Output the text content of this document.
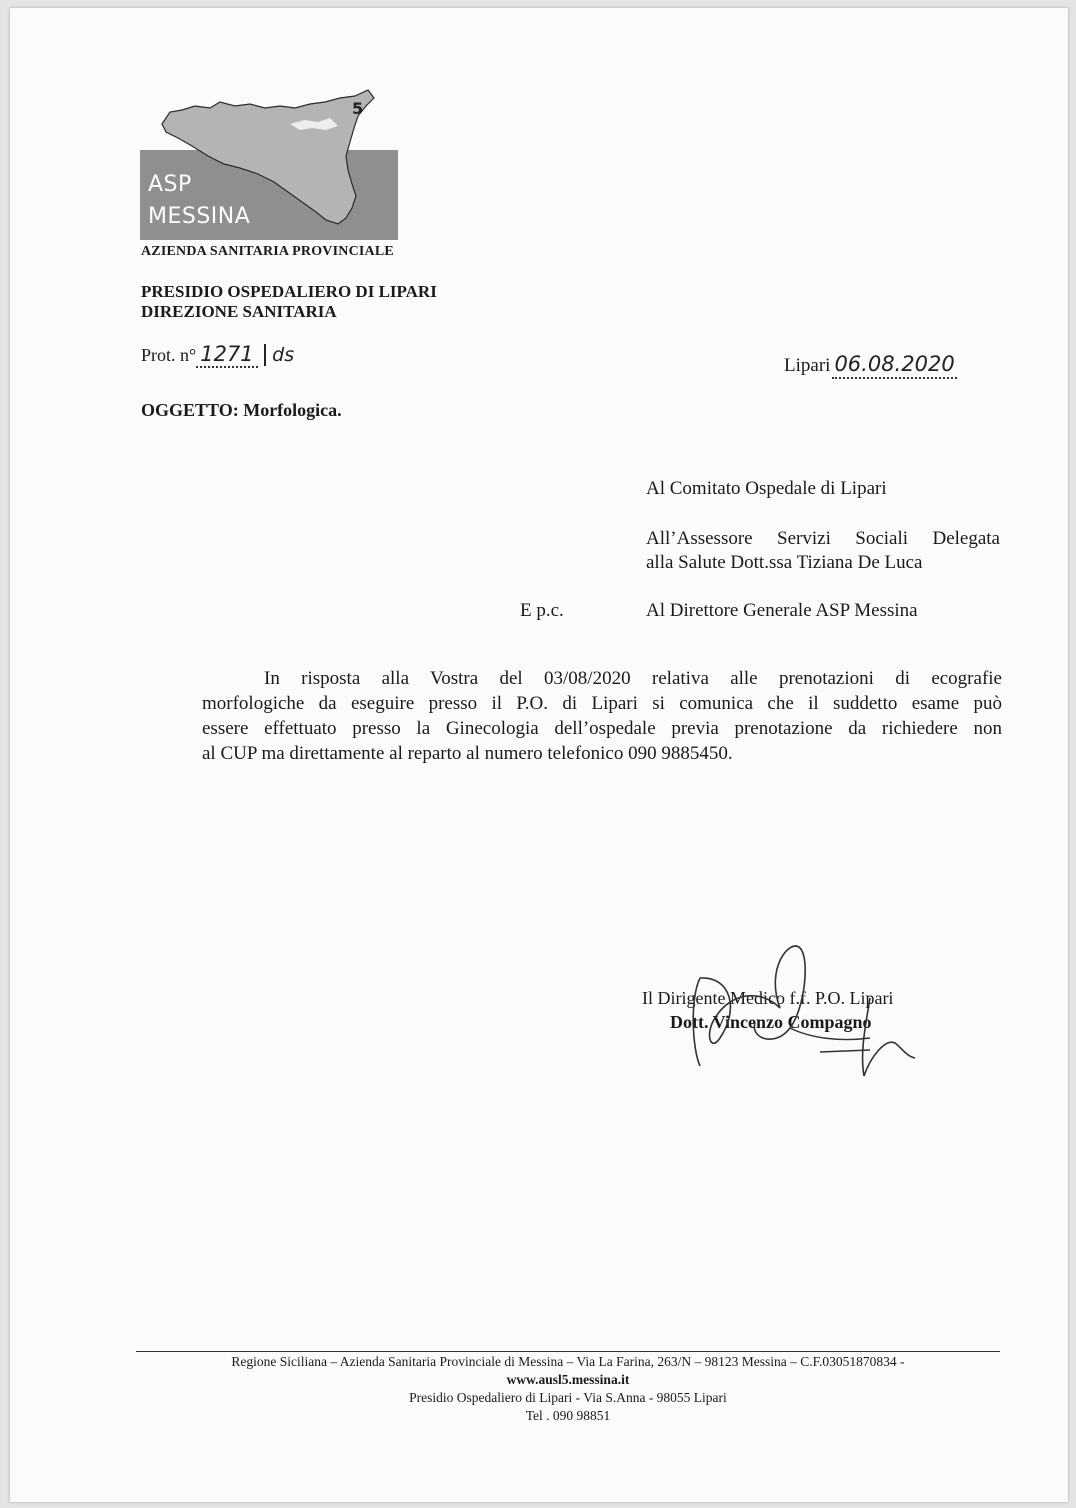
5
ASP
MESSINA
AZIENDA SANITARIA PROVINCIALE
PRESIDIO OSPEDALIERO DI LIPARI
DIREZIONE SANITARIA
Prot. n° 1271 ds	Lipari 06.08.2020
OGGETTO: Morfologica.
Al Comitato Ospedale di Lipari
All’Assessore Servizi Sociali Delegata
alla Salute Dott.ssa Tiziana De Luca
E p.c.	Al Direttore Generale ASP Messina
In risposta alla Vostra del 03/08/2020 relativa alle prenotazioni di ecografie
morfologiche da eseguire presso il P.O. di Lipari si comunica che il suddetto esame può
essere effettuato presso la Ginecologia dell’ospedale previa prenotazione da richiedere non
al CUP ma direttamente al reparto al numero telefonico 090 9885450.
Il Dirigente Medico f.f. P.O. Lipari
Dott. Vincenzo Compagno
Regione Siciliana – Azienda Sanitaria Provinciale di Messina – Via La Farina, 263/N – 98123 Messina – C.F.03051870834 -
www.ausl5.messina.it
Presidio Ospedaliero di Lipari - Via S.Anna - 98055 Lipari
Tel . 090 98851
